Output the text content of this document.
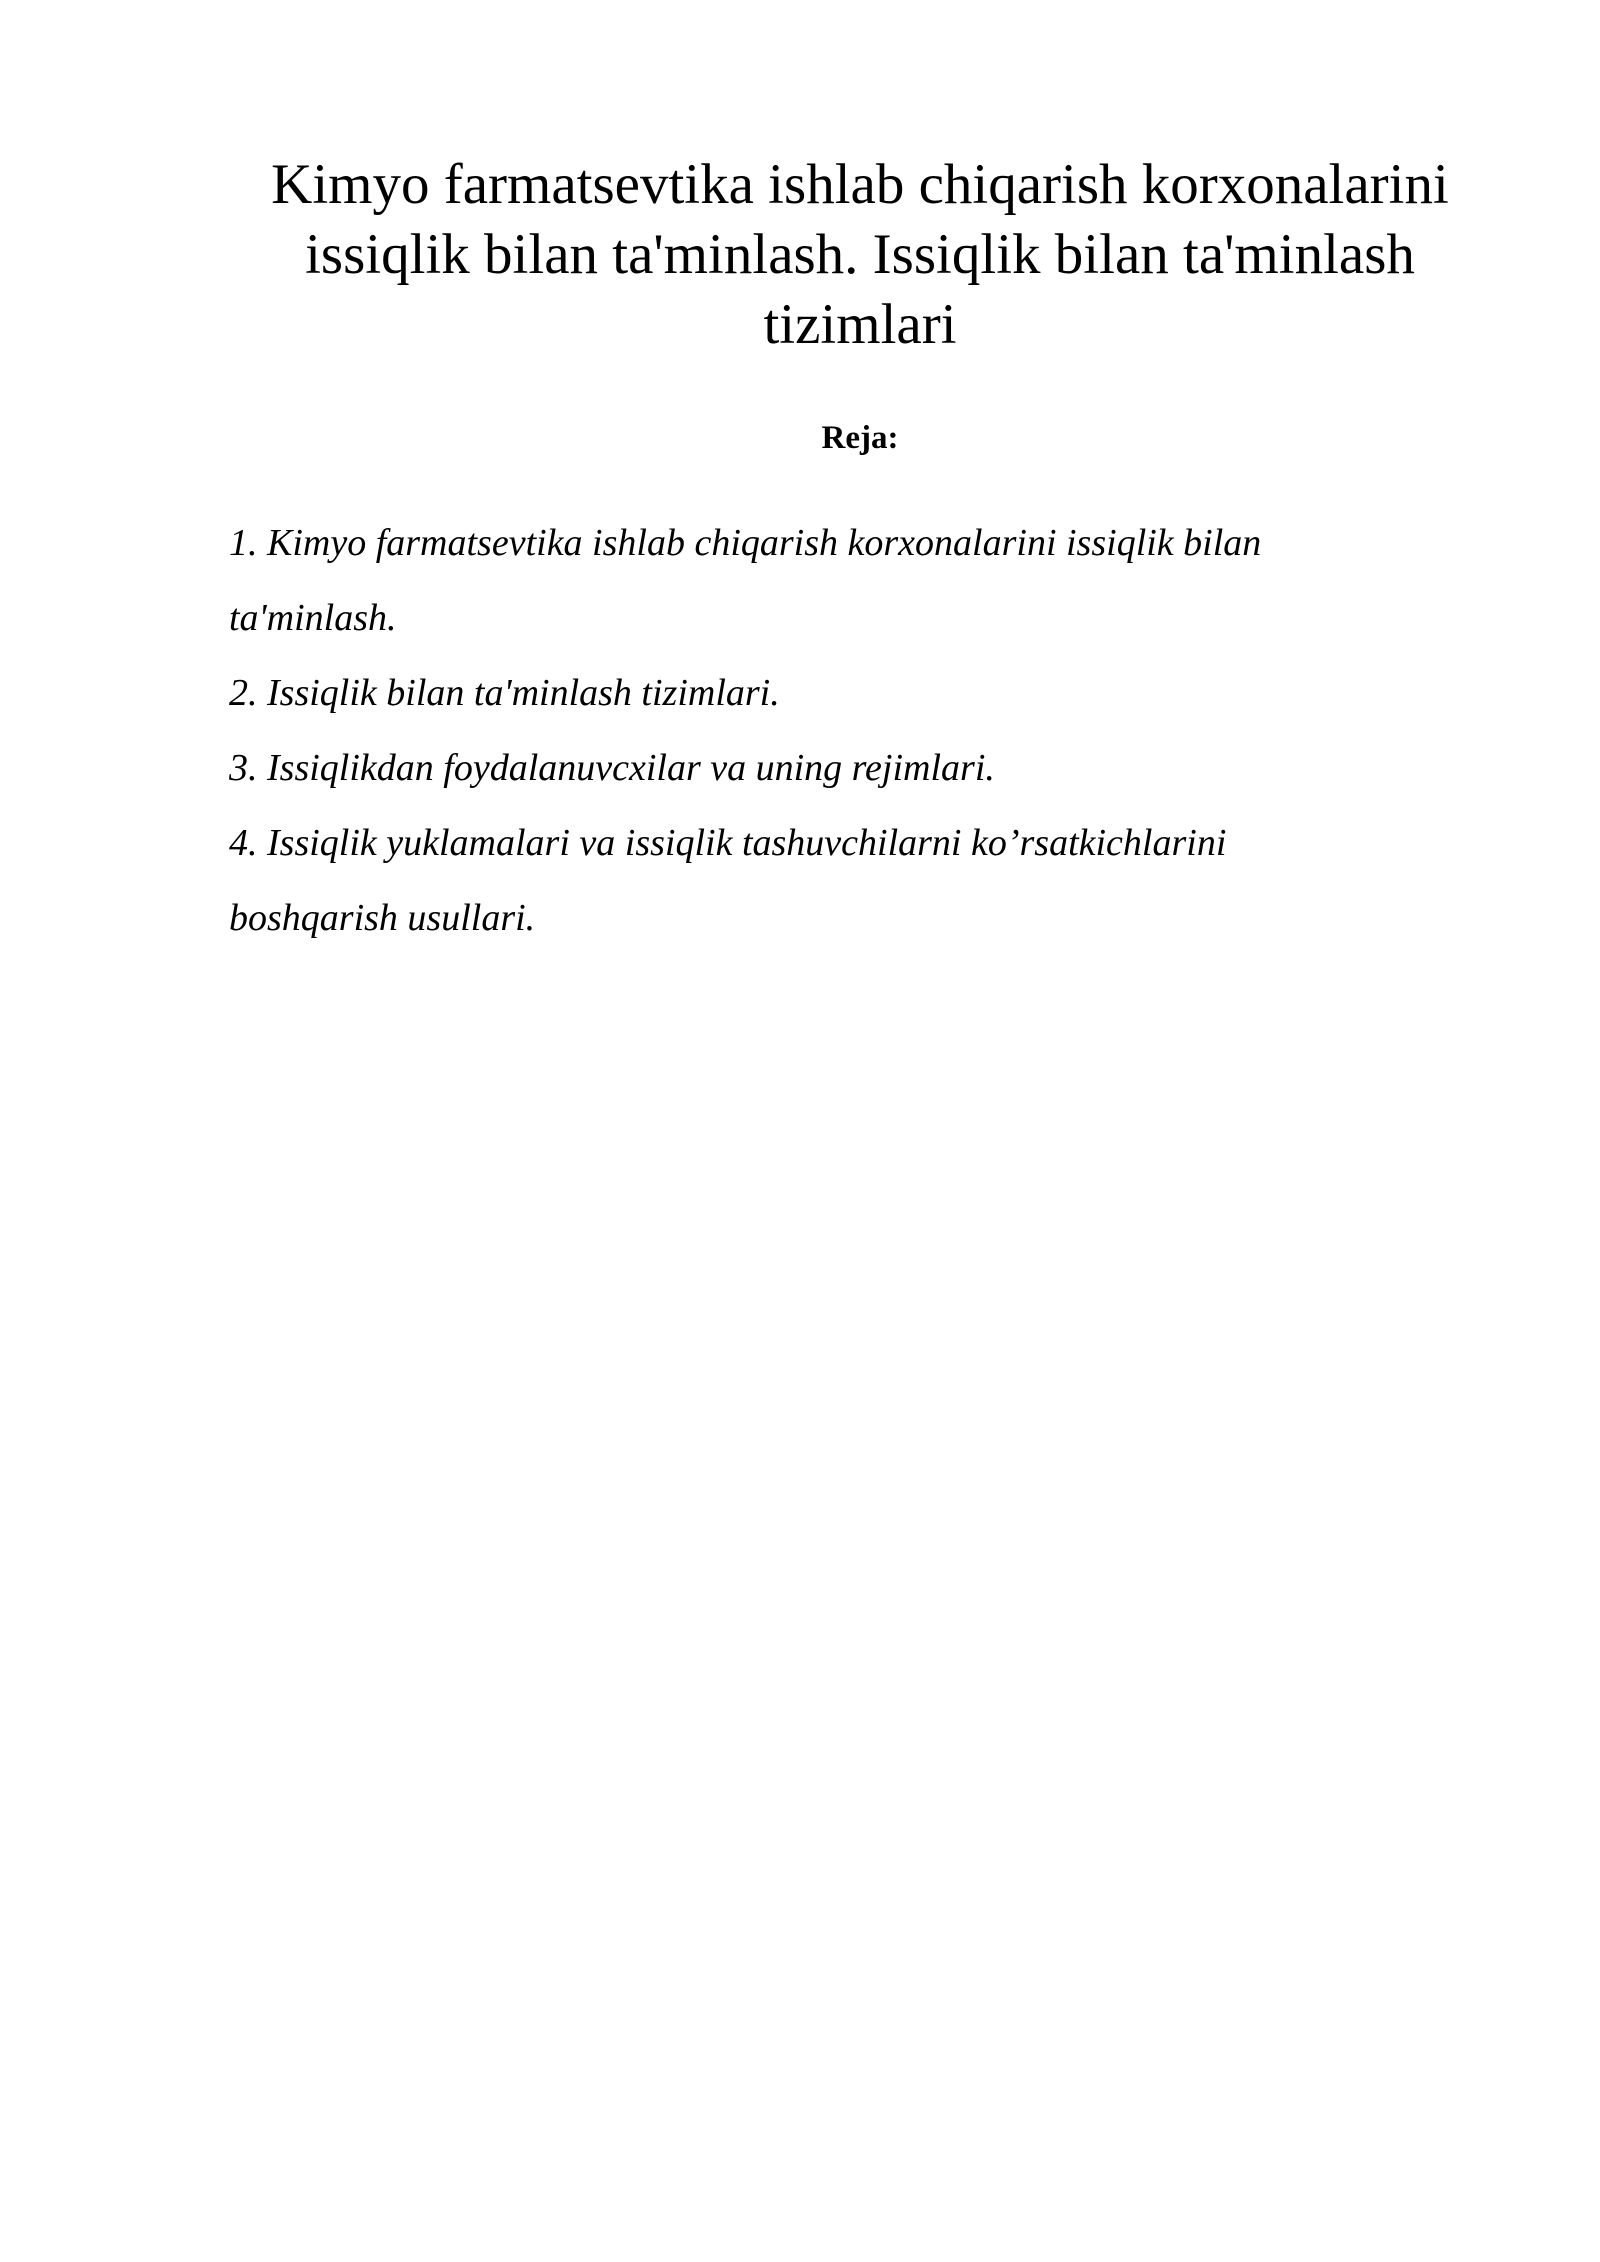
Kimyo farmatsevtika ishlab chiqarish korxonalarini
issiqlik bilan ta'minlash. Issiqlik bilan ta'minlash
tizimlari
Reja:
1. Kimyo farmatsevtika ishlab chiqarish korxonalarini issiqlik bilan
ta'minlash.
2. Issiqlik bilan ta'minlash tizimlari.
3. Issiqlikdan foydalanuvcxilar va uning rejimlari.
4. Issiqlik yuklamalari va issiqlik tashuvchilarni ko’rsatkichlarini
boshqarish usullari.
